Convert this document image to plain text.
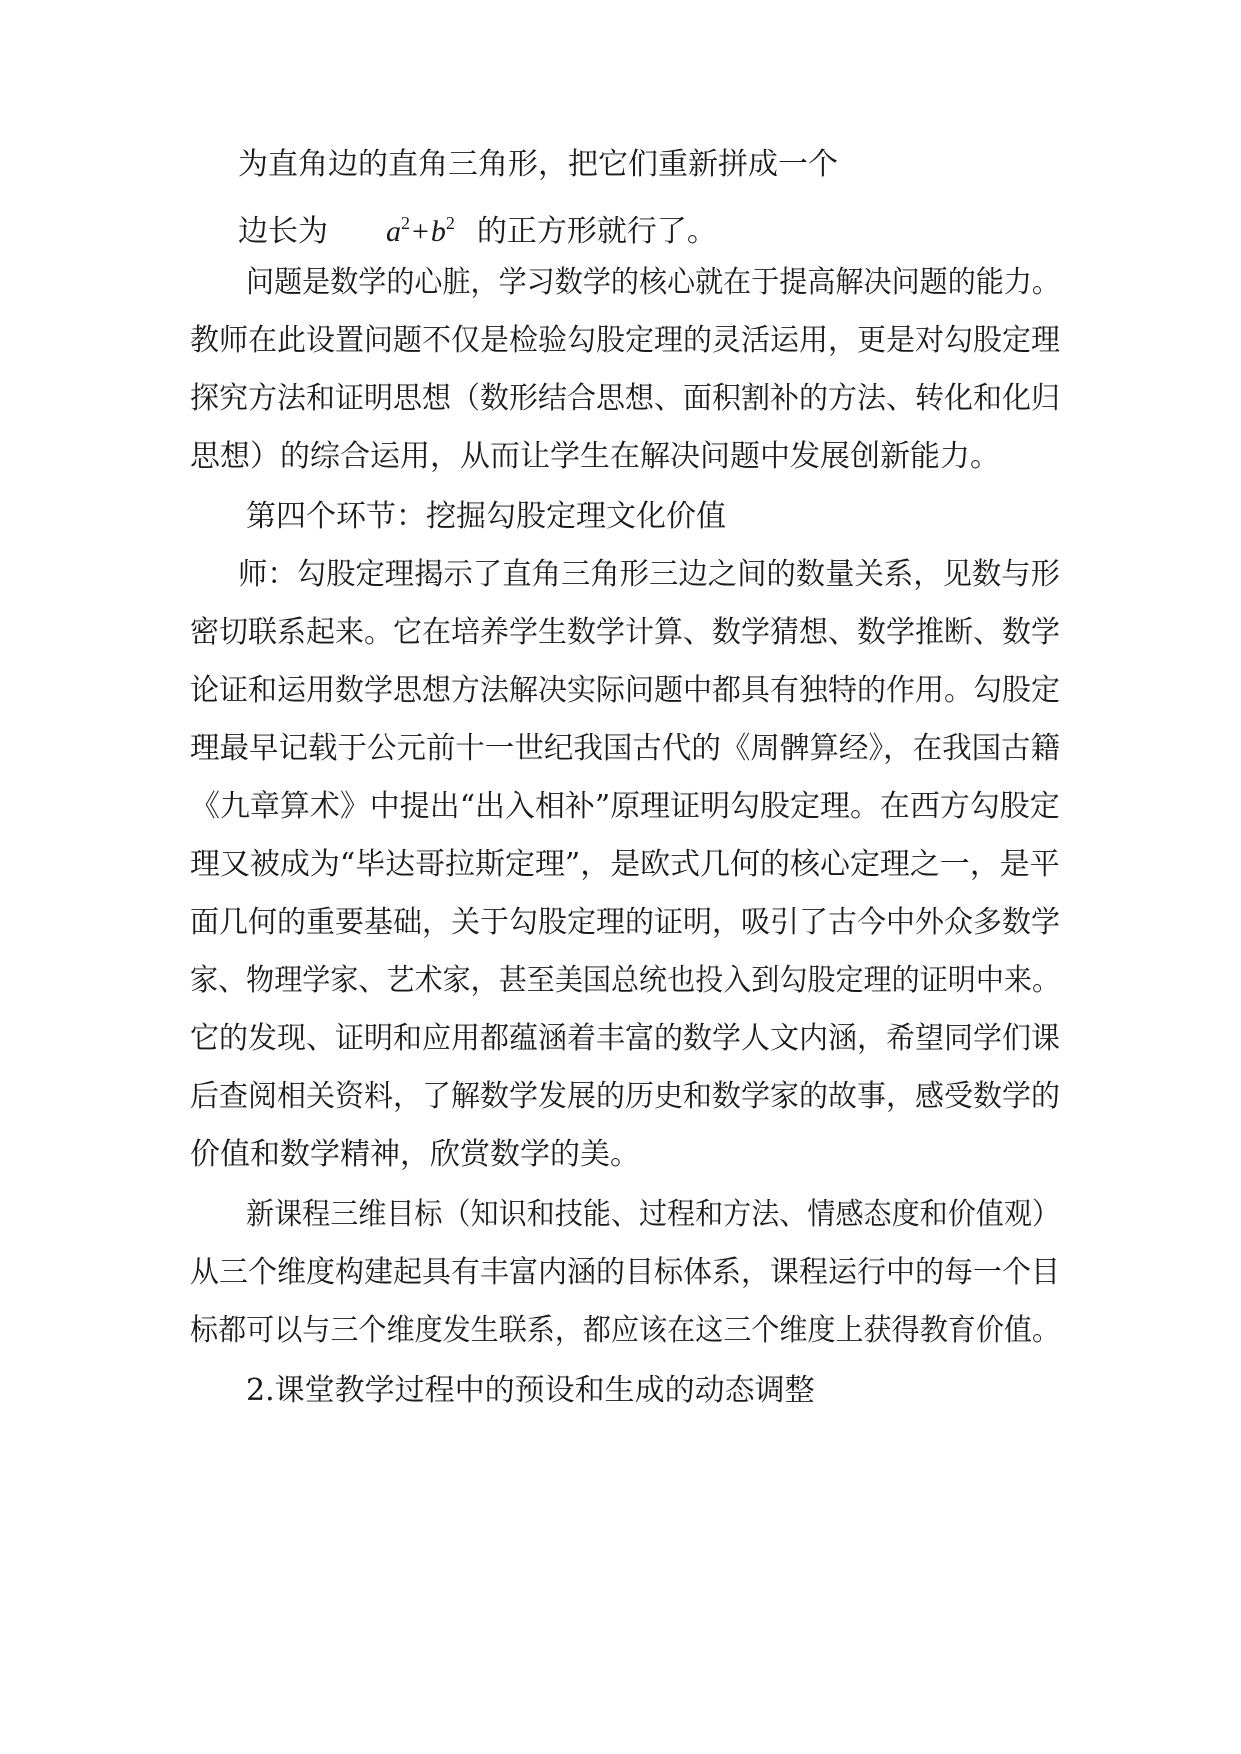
为直角边的直角三角形，把它们重新拼成一个

边长为 $a^2+b^2$ 的正方形就行了。

问题是数学的心脏，学习数学的核心就在于提高解决问题的能力。

教师在此设置问题不仅是检验勾股定理的灵活运用，更是对勾股定理

探究方法和证明思想（数形结合思想、面积割补的方法、转化和化归

思想）的综合运用，从而让学生在解决问题中发展创新能力。

第四个环节：挖掘勾股定理文化价值

师：勾股定理揭示了直角三角形三边之间的数量关系，见数与形

密切联系起来。它在培养学生数学计算、数学猜想、数学推断、数学

论证和运用数学思想方法解决实际问题中都具有独特的作用。勾股定

理最早记载于公元前十一世纪我国古代的《周髀算经》，在我国古籍

《九章算术》中提出“出入相补”原理证明勾股定理。在西方勾股定

理又被成为“毕达哥拉斯定理”，是欧式几何的核心定理之一，是平

面几何的重要基础，关于勾股定理的证明，吸引了古今中外众多数学

家、物理学家、艺术家，甚至美国总统也投入到勾股定理的证明中来。

它的发现、证明和应用都蕴涵着丰富的数学人文内涵，希望同学们课

后查阅相关资料，了解数学发展的历史和数学家的故事，感受数学的

价值和数学精神，欣赏数学的美。

新课程三维目标（知识和技能、过程和方法、情感态度和价值观）

从三个维度构建起具有丰富内涵的目标体系，课程运行中的每一个目

标都可以与三个维度发生联系，都应该在这三个维度上获得教育价值。

2.课堂教学过程中的预设和生成的动态调整
